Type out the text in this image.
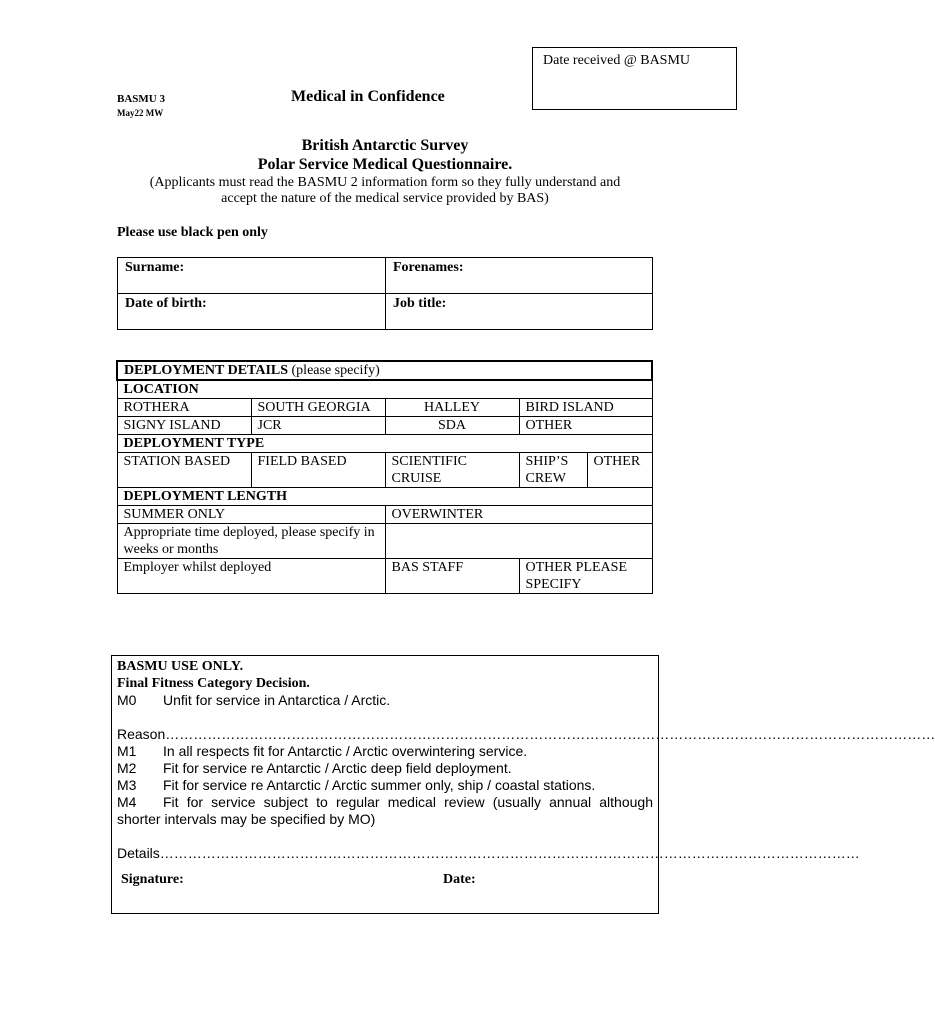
Date received @ BASMU
BASMU 3
May22 MW
Medical in Confidence
British Antarctic Survey
Polar Service Medical Questionnaire.
(Applicants must read the BASMU 2 information form so they fully understand and
accept the nature of the medical service provided by BAS)
Please use black pen only
Surname:	Forenames:
Date of birth:	Job title:
DEPLOYMENT DETAILS (please specify)				
LOCATION				
ROTHERA	SOUTH GEORGIA	HALLEY	BIRD ISLAND	
SIGNY ISLAND	JCR	SDA	OTHER	
DEPLOYMENT TYPE				
STATION BASED	FIELD BASED	SCIENTIFIC CRUISE	SHIP’S CREW	OTHER
DEPLOYMENT LENGTH				
SUMMER ONLY		OVERWINTER		
Appropriate time deployed, please specify in weeks or months				
Employer whilst deployed		BAS STAFF	OTHER PLEASE SPECIFY	
BASMU USE ONLY.
Final Fitness Category Decision.
M0	Unfit for service in Antarctica / Arctic.
Reason…………………………………………………………………………………………………………………………………………………
M1	In all respects fit for Antarctic / Arctic overwintering service.
M2	Fit for service re Antarctic / Arctic deep field deployment.
M3	Fit for service re Antarctic / Arctic summer only, ship / coastal stations.
M4 Fit for service subject to regular medical review (usually annual although shorter intervals may be specified by MO)
Details……………………………………………………………………………………………………………………………………
Signature:	Date:
